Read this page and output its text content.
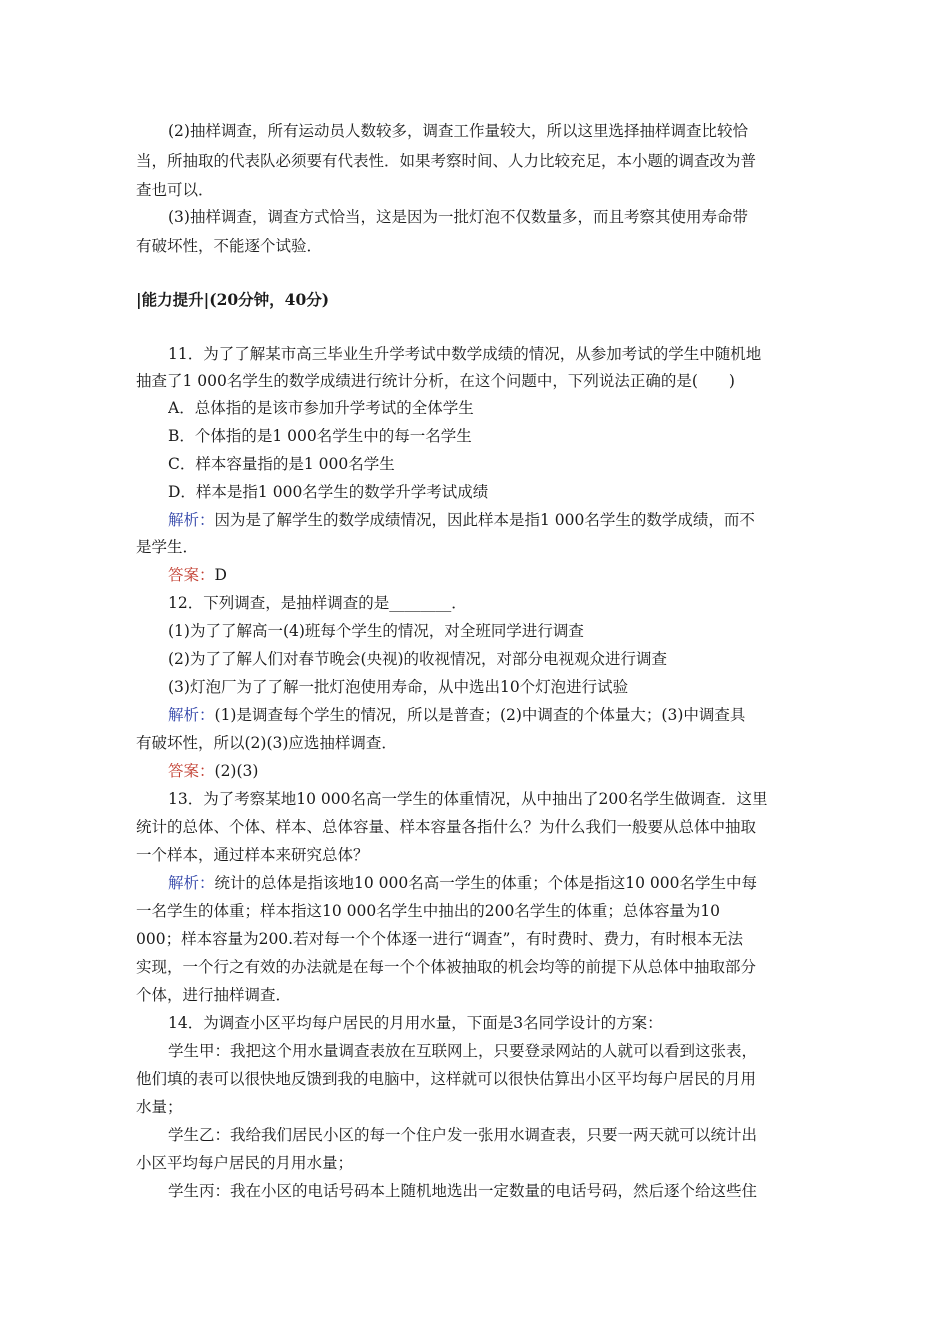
(2)抽样调查，所有运动员人数较多，调查工作量较大，所以这里选择抽样调查比较恰
当，所抽取的代表队必须要有代表性．如果考察时间、人力比较充足，本小题的调查改为普
查也可以．
(3)抽样调查，调查方式恰当，这是因为一批灯泡不仅数量多，而且考察其使用寿命带
有破坏性，不能逐个试验．
|能力提升|(20分钟，40分)
11．为了了解某市高三毕业生升学考试中数学成绩的情况，从参加考试的学生中随机地
抽查了1 000名学生的数学成绩进行统计分析，在这个问题中，下列说法正确的是(　　)
A．总体指的是该市参加升学考试的全体学生
B．个体指的是1 000名学生中的每一名学生
C．样本容量指的是1 000名学生
D．样本是指1 000名学生的数学升学考试成绩
解析：因为是了解学生的数学成绩情况，因此样本是指1 000名学生的数学成绩，而不
是学生．
答案：D
12．下列调查，是抽样调查的是________．
(1)为了了解高一(4)班每个学生的情况，对全班同学进行调查
(2)为了了解人们对春节晚会(央视)的收视情况，对部分电视观众进行调查
(3)灯泡厂为了了解一批灯泡使用寿命，从中选出10个灯泡进行试验
解析：(1)是调查每个学生的情况，所以是普查；(2)中调查的个体量大；(3)中调查具
有破坏性，所以(2)(3)应选抽样调查．
答案：(2)(3)
13．为了考察某地10 000名高一学生的体重情况，从中抽出了200名学生做调查．这里
统计的总体、个体、样本、总体容量、样本容量各指什么？为什么我们一般要从总体中抽取
一个样本，通过样本来研究总体？
解析：统计的总体是指该地10 000名高一学生的体重；个体是指这10 000名学生中每
一名学生的体重；样本指这10 000名学生中抽出的200名学生的体重；总体容量为10
000；样本容量为200.若对每一个个体逐一进行“调查”，有时费时、费力，有时根本无法
实现，一个行之有效的办法就是在每一个个体被抽取的机会均等的前提下从总体中抽取部分
个体，进行抽样调查．
14．为调查小区平均每户居民的月用水量，下面是3名同学设计的方案：
学生甲：我把这个用水量调查表放在互联网上，只要登录网站的人就可以看到这张表，
他们填的表可以很快地反馈到我的电脑中，这样就可以很快估算出小区平均每户居民的月用
水量；
学生乙：我给我们居民小区的每一个住户发一张用水调查表，只要一两天就可以统计出
小区平均每户居民的月用水量；
学生丙：我在小区的电话号码本上随机地选出一定数量的电话号码，然后逐个给这些住
